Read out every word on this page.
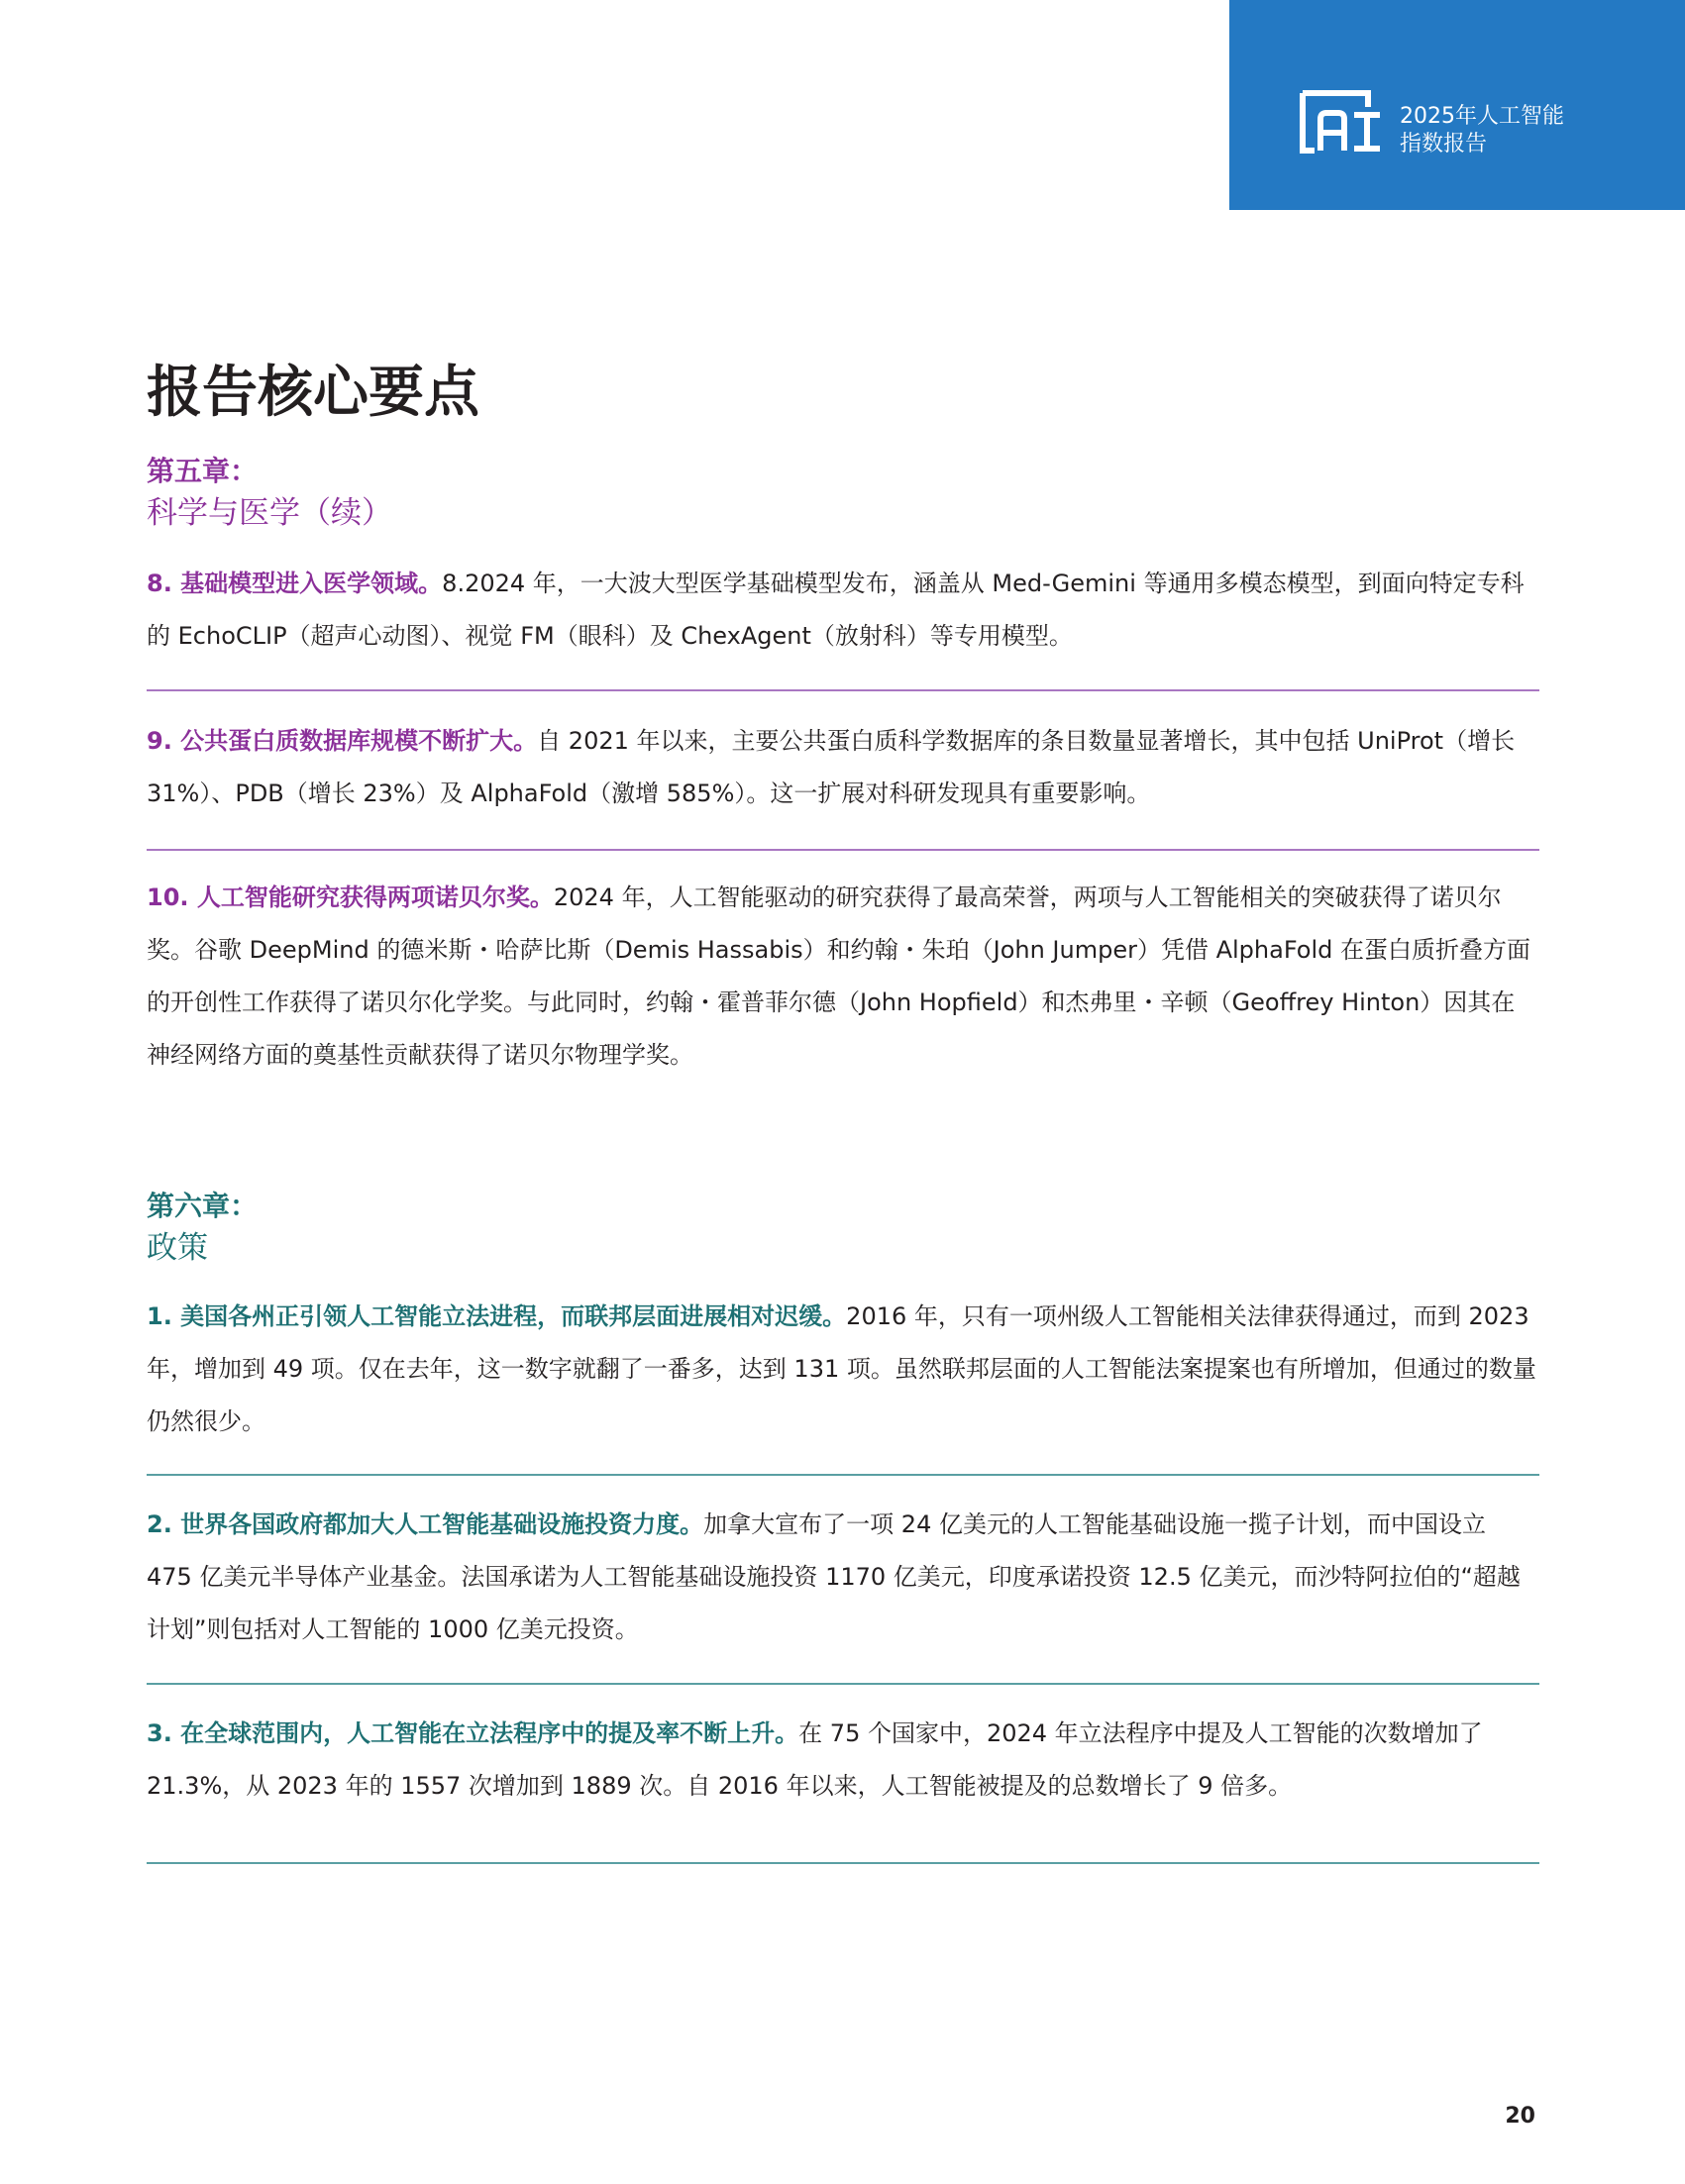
2025年人工智能
指数报告
报告核心要点
第五章：
科学与医学（续）

8. 基础模型进入医学领域。8.2024 年，一大波大型医学基础模型发布，涵盖从 Med-Gemini 等通用多模态模型，到面向特定专科的 EchoCLIP（超声心动图）、视觉 FM（眼科）及 ChexAgent（放射科）等专用模型。

9. 公共蛋白质数据库规模不断扩大。自 2021 年以来，主要公共蛋白质科学数据库的条目数量显著增长，其中包括 UniProt（增长 31%）、PDB（增长 23%）及 AlphaFold（激增 585%）。这一扩展对科研发现具有重要影响。

10. 人工智能研究获得两项诺贝尔奖。2024 年，人工智能驱动的研究获得了最高荣誉，两项与人工智能相关的突破获得了诺贝尔奖。谷歌 DeepMind 的德米斯・哈萨比斯（Demis Hassabis）和约翰・朱珀（John Jumper）凭借 AlphaFold 在蛋白质折叠方面的开创性工作获得了诺贝尔化学奖。与此同时，约翰・霍普菲尔德（John Hopfield）和杰弗里・辛顿（Geoffrey Hinton）因其在神经网络方面的奠基性贡献获得了诺贝尔物理学奖。

第六章：
政策

1. 美国各州正引领人工智能立法进程，而联邦层面进展相对迟缓。2016 年，只有一项州级人工智能相关法律获得通过，而到 2023 年，增加到 49 项。仅在去年，这一数字就翻了一番多，达到 131 项。虽然联邦层面的人工智能法案提案也有所增加，但通过的数量仍然很少。

2. 世界各国政府都加大人工智能基础设施投资力度。加拿大宣布了一项 24 亿美元的人工智能基础设施一揽子计划，而中国设立 475 亿美元半导体产业基金。法国承诺为人工智能基础设施投资 1170 亿美元，印度承诺投资 12.5 亿美元，而沙特阿拉伯的“超越计划”则包括对人工智能的 1000 亿美元投资。

3. 在全球范围内，人工智能在立法程序中的提及率不断上升。在 75 个国家中，2024 年立法程序中提及人工智能的次数增加了 21.3%，从 2023 年的 1557 次增加到 1889 次。自 2016 年以来，人工智能被提及的总数增长了 9 倍多。

20
